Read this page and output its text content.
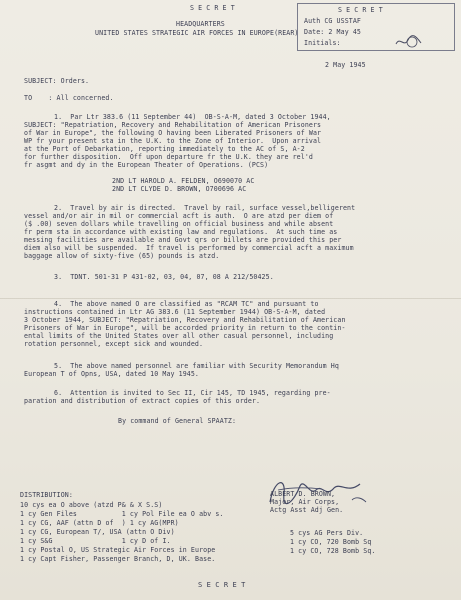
S E C R E T
Auth CG USSTAF
Date: 2 May 45
Initials:
S E C R E T
HEADQUARTERS
UNITED STATES STRATEGIC AIR FORCES IN EUROPE(REAR)
2 May 1945
SUBJECT: Orders.
TO    : All concerned.
1.  Par Ltr 383.6 (11 September 44)  OB-S-A-M, dated 3 October 1944,
SUBJECT: "Repatriation, Recovery and Rehabilitation of American Prisoners
of War in Europe", the following O having been Liberated Prisoners of War
WP fr your present sta in the U.K. to the Zone of Interior.  Upon arrival
at the Port of Debarkation, reporting immediately to the AC of S, A-2
for further disposition.  Off upon departure fr the U.K. they are rel'd
fr asgmt and dy in the European Theater of Operations. (PCS)
2ND LT HAROLD A. FELDEN, O690070 AC
2ND LT CLYDE D. BROWN, O700696 AC
2.  Travel by air is directed.  Travel by rail, surface vessel,belligerent
vessel and/or air in mil or commercial acft is auth.  O are atzd per diem of
($ .00) seven dollars while travelling on official business and while absent
fr perm sta in accordance with existing law and regulations.  At such time as
messing facilities are available and Govt qrs or billets are provided this per
diem also will be suspended.  If travel is performed by commercial acft a maximum
baggage allow of sixty-five (65) pounds is atzd.
3.  TDNT. 501-31 P 431-02, 03, 04, 07, 08 A 212/50425.
4.  The above named O are classified as "RCAM TC" and pursuant to
instructions contained in Ltr AG 383.6 (11 September 1944) OB-S-A-M, dated
3 October 1944, SUBJECT: "Repatriation, Recovery and Rehabilitation of American
Prisoners of War in Europe", will be accorded priority in return to the contin-
ental limits of the United States over all other casual personnel, including
rotation personnel, except sick and wounded.
5.  The above named personnel are familiar with Security Memorandum Hq
European T of Opns, USA, dated 10 May 1945.
6.  Attention is invited to Sec II, Cir 145, TD 1945, regarding pre-
paration and distribution of extract copies of this order.
By command of General SPAATZ:
ALBERT D. BROWN,
Major, Air Corps,
Actg Asst Adj Gen.
DISTRIBUTION:
10 cys ea O above (atzd P& & X S.S)
1 cy Gen Files           1 cy Pol File ea O abv s.
1 cy CG, AAF (attn D of  ) 1 cy AG(MPR)
1 cy CG, European T/, USA (attn O Div)
1 cy S&G                 1 cy D of I.
1 cy Postal O, US Strategic Air Forces in Europe
1 cy Capt Fisher, Passenger Branch, D, UK. Base.
5 cys AG Pers Div.
1 cy CO, 720 Bomb Sq
1 cy CO, 728 Bomb Sq.
S E C R E T
